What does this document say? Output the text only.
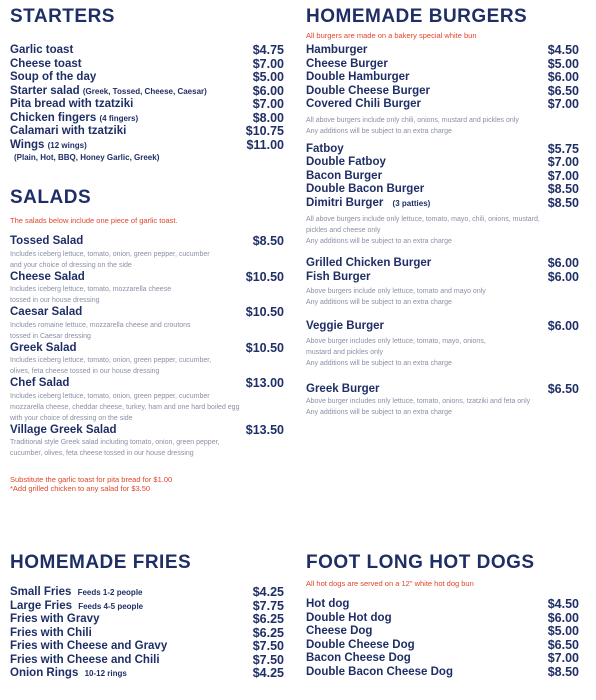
STARTERS
Garlic toast	$4.75
Cheese toast	$7.00
Soup of the day	$5.00
Starter salad (Greek, Tossed, Cheese, Caesar)	$6.00
Pita bread with tzatziki	$7.00
Chicken fingers (4 fingers)	$8.00
Calamari with tzatziki	$10.75
Wings (12 wings)	$11.00
(Plain, Hot, BBQ, Honey Garlic, Greek)
SALADS
The salads below include one piece of garlic toast.
Tossed Salad	$8.50
Includes iceberg lettuce, tomato, onion, green pepper, cucumber
and your choice of dressing on the side
Cheese Salad	$10.50
Includes iceberg lettuce, tomato, mozzarella cheese
tossed in our house dressing
Caesar Salad	$10.50
Includes romaine lettuce, mozzarella cheese and croutons
tossed in Caesar dressing
Greek Salad	$10.50
Includes iceberg lettuce, tomato, onion, green pepper, cucumber,
olives, feta cheese tossed in our house dressing
Chef Salad	$13.00
Includes iceberg lettuce, tomato, onion, green pepper, cucumber
mozzarella cheese, cheddar cheese, turkey, ham and one hard boiled egg
with your choice of dressing on the side
Village Greek Salad	$13.50
Traditional style Greek salad including tomato, onion, green pepper,
cucumber, olives, feta cheese tossed in our house dressing
Substitute the garlic toast for pita bread for $1.00
*Add grilled chicken to any salad for $3.50
HOMEMADE FRIES
Small Fries Feeds 1-2 people	$4.25
Large Fries Feeds 4-5 people	$7.75
Fries with Gravy	$6.25
Fries with Chili	$6.25
Fries with Cheese and Gravy	$7.50
Fries with Cheese and Chili	$7.50
Onion Rings 10-12 rings	$4.25
HOMEMADE BURGERS
All burgers are made on a bakery special white bun
Hamburger	$4.50
Cheese Burger	$5.00
Double Hamburger	$6.00
Double Cheese Burger	$6.50
Covered Chili Burger	$7.00
All above burgers include only chili, onions, mustard and pickles only
Any additions will be subject to an extra charge
Fatboy	$5.75
Double Fatboy	$7.00
Bacon Burger	$7.00
Double Bacon Burger	$8.50
Dimitri Burger (3 patties)	$8.50
All above burgers include only lettuce, tomato, mayo, chili, onions, mustard,
pickles and cheese only
Any additions will be subject to an extra charge
Grilled Chicken Burger	$6.00
Fish Burger	$6.00
Above burgers include only lettuce, tomato and mayo only
Any additions will be subject to an extra charge
Veggie Burger	$6.00
Above burger includes only lettuce, tomato, mayo, onions,
mustard and pickles only
Any additions will be subject to an extra charge
Greek Burger	$6.50
Above burger includes only lettuce, tomato, onions, tzatziki and feta only
Any additions will be subject to an extra charge
FOOT LONG HOT DOGS
All hot dogs are served on a 12" white hot dog bun
Hot dog	$4.50
Double Hot dog	$6.00
Cheese Dog	$5.00
Double Cheese Dog	$6.50
Bacon Cheese Dog	$7.00
Double Bacon Cheese Dog	$8.50
